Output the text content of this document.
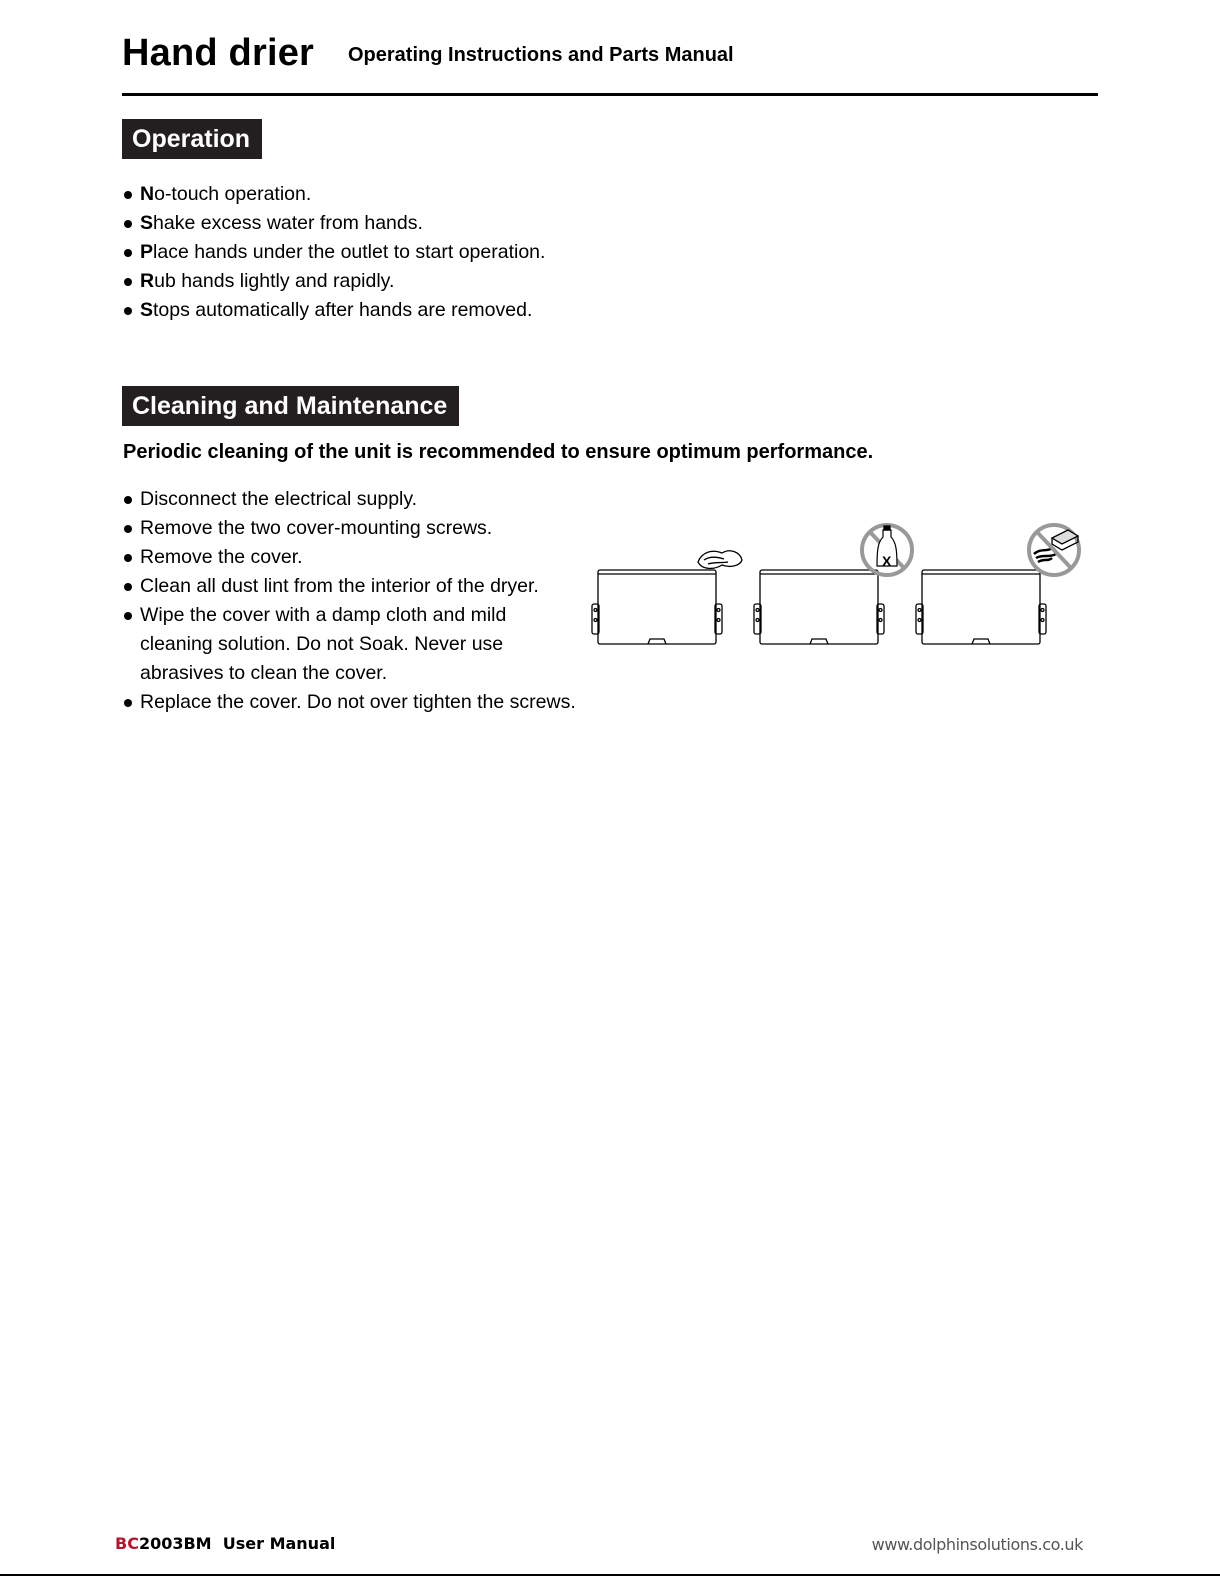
Hand drier Operating Instructions and Parts Manual
Operation
No-touch operation.
Shake excess water from hands.
Place hands under the outlet to start operation.
Rub hands lightly and rapidly.
Stops automatically after hands are removed.
Cleaning and Maintenance
Periodic cleaning of the unit is recommended to ensure optimum performance.
Disconnect the electrical supply.
Remove the two cover-mounting screws.
Remove the cover.
Clean all dust lint from the interior of the dryer.
Wipe the cover with a damp cloth and mild cleaning solution. Do not Soak. Never use abrasives to clean the cover.
Replace the cover. Do not over tighten the screws.
X
BC2003BM User Manual	www.dolphinsolutions.co.uk
